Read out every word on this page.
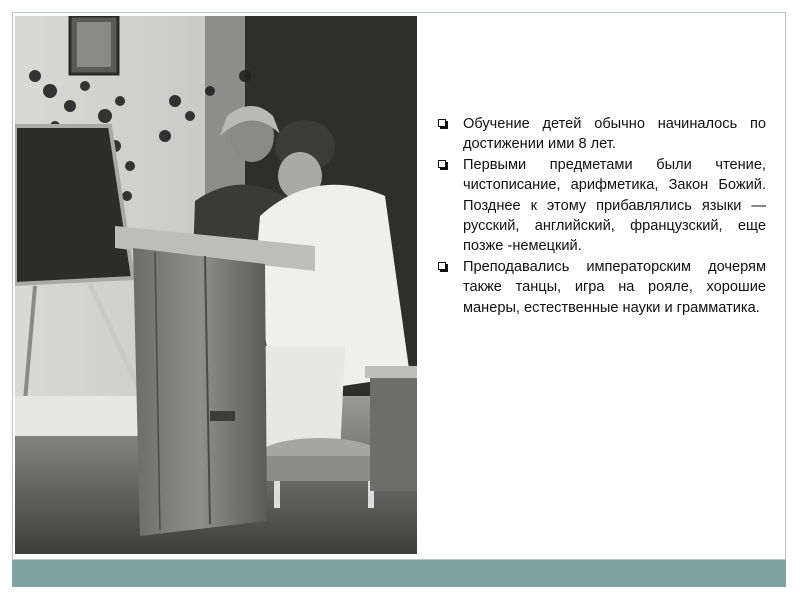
Обучение детей обычно начиналось по достижении ими 8 лет.

Первыми предметами были чтение, чистописание, арифметика, Закон Божий. Позднее к этому прибавлялись языки — русский, английский, французский, еще позже -немецкий.

Преподавались императорским дочерям также танцы, игра на рояле, хорошие манеры, естественные науки и грамматика.
